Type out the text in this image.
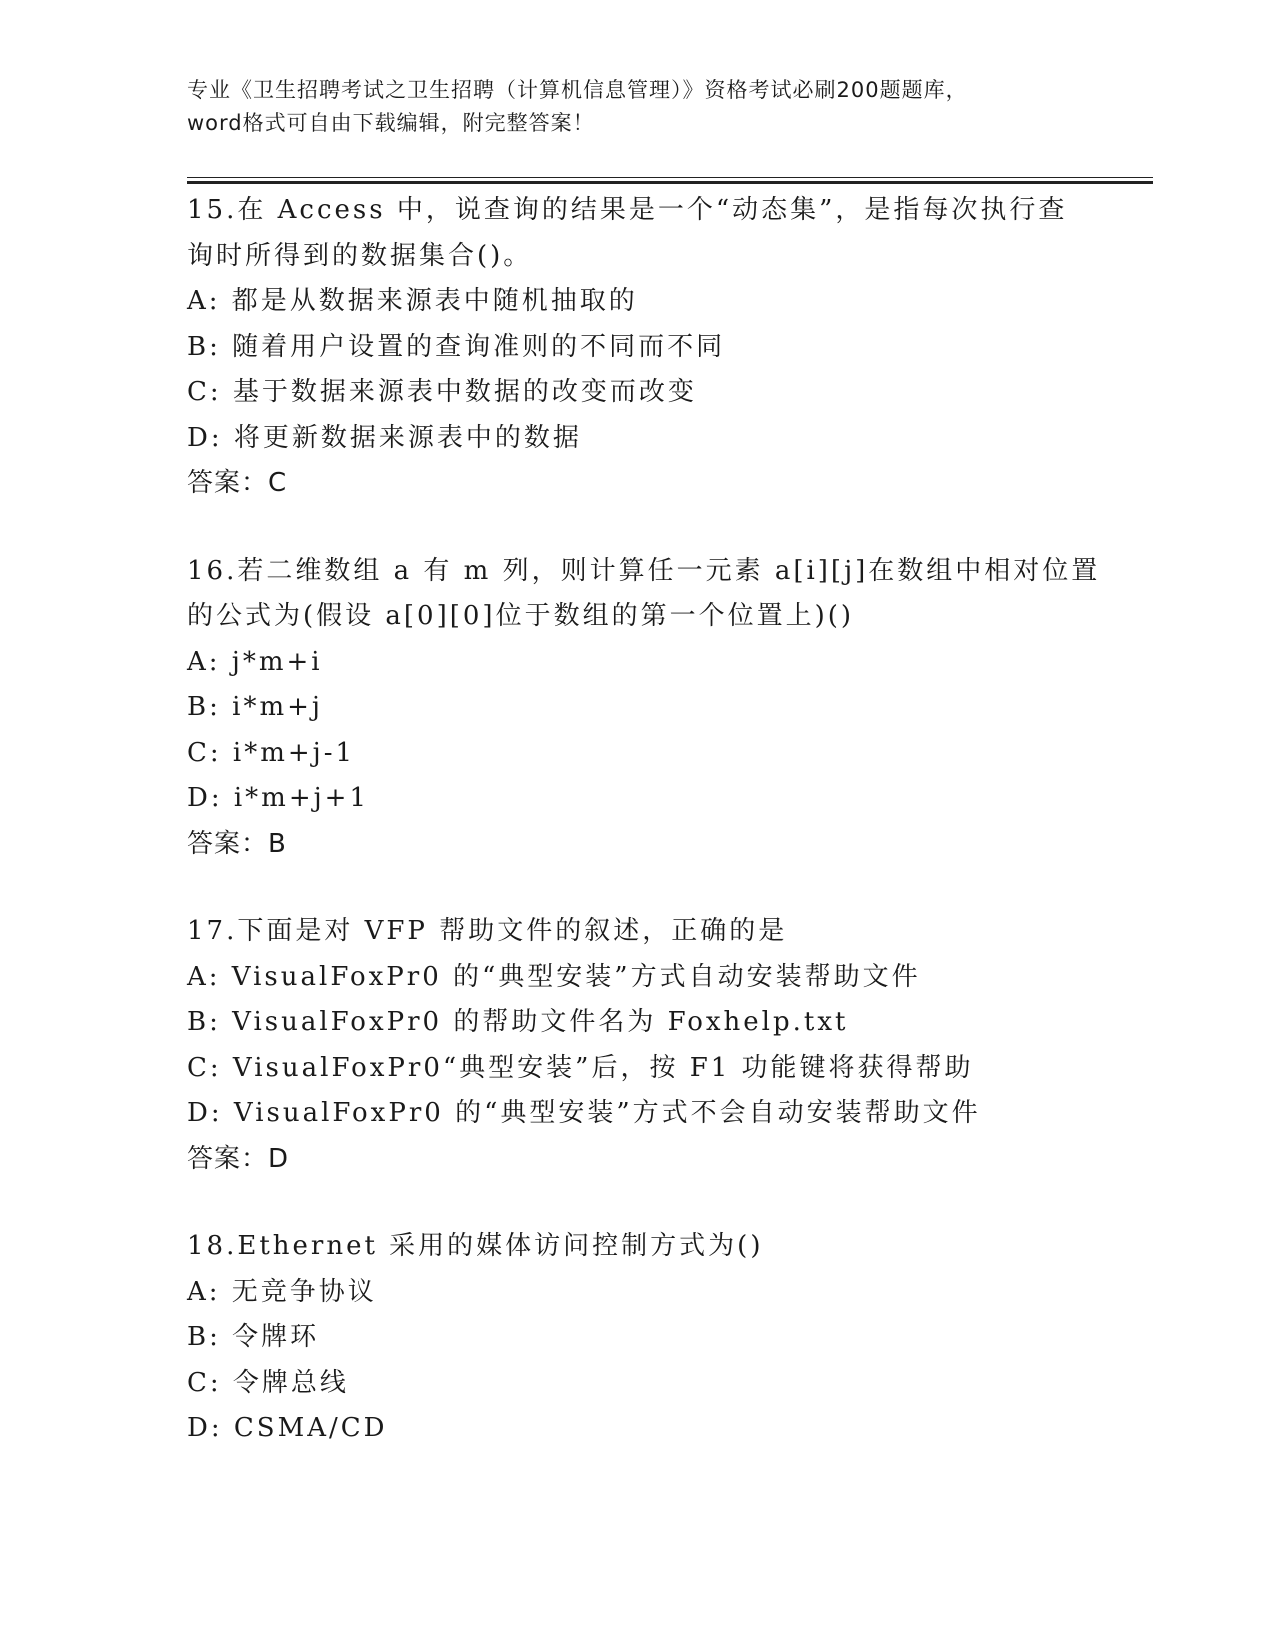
专业《卫生招聘考试之卫生招聘（计算机信息管理）》资格考试必刷200题题库，
word格式可自由下载编辑，附完整答案！
15.在 Access 中，说查询的结果是一个“动态集”，是指每次执行查
询时所得到的数据集合()。
A: 都是从数据来源表中随机抽取的
B: 随着用户设置的查询准则的不同而不同
C: 基于数据来源表中数据的改变而改变
D: 将更新数据来源表中的数据
答案：C
16.若二维数组 a 有 m 列，则计算任一元素 a[i][j]在数组中相对位置
的公式为(假设 a[0][0]位于数组的第一个位置上)()
A: j*m+i
B: i*m+j
C: i*m+j-1
D: i*m+j+1
答案：B
17.下面是对 VFP 帮助文件的叙述，正确的是
A: VisualFoxPr0 的“典型安装”方式自动安装帮助文件
B: VisualFoxPr0 的帮助文件名为 Foxhelp.txt
C: VisualFoxPr0“典型安装”后，按 F1 功能键将获得帮助
D: VisualFoxPr0 的“典型安装”方式不会自动安装帮助文件
答案：D
18.Ethernet 采用的媒体访问控制方式为()
A: 无竞争协议
B: 令牌环
C: 令牌总线
D: CSMA/CD
